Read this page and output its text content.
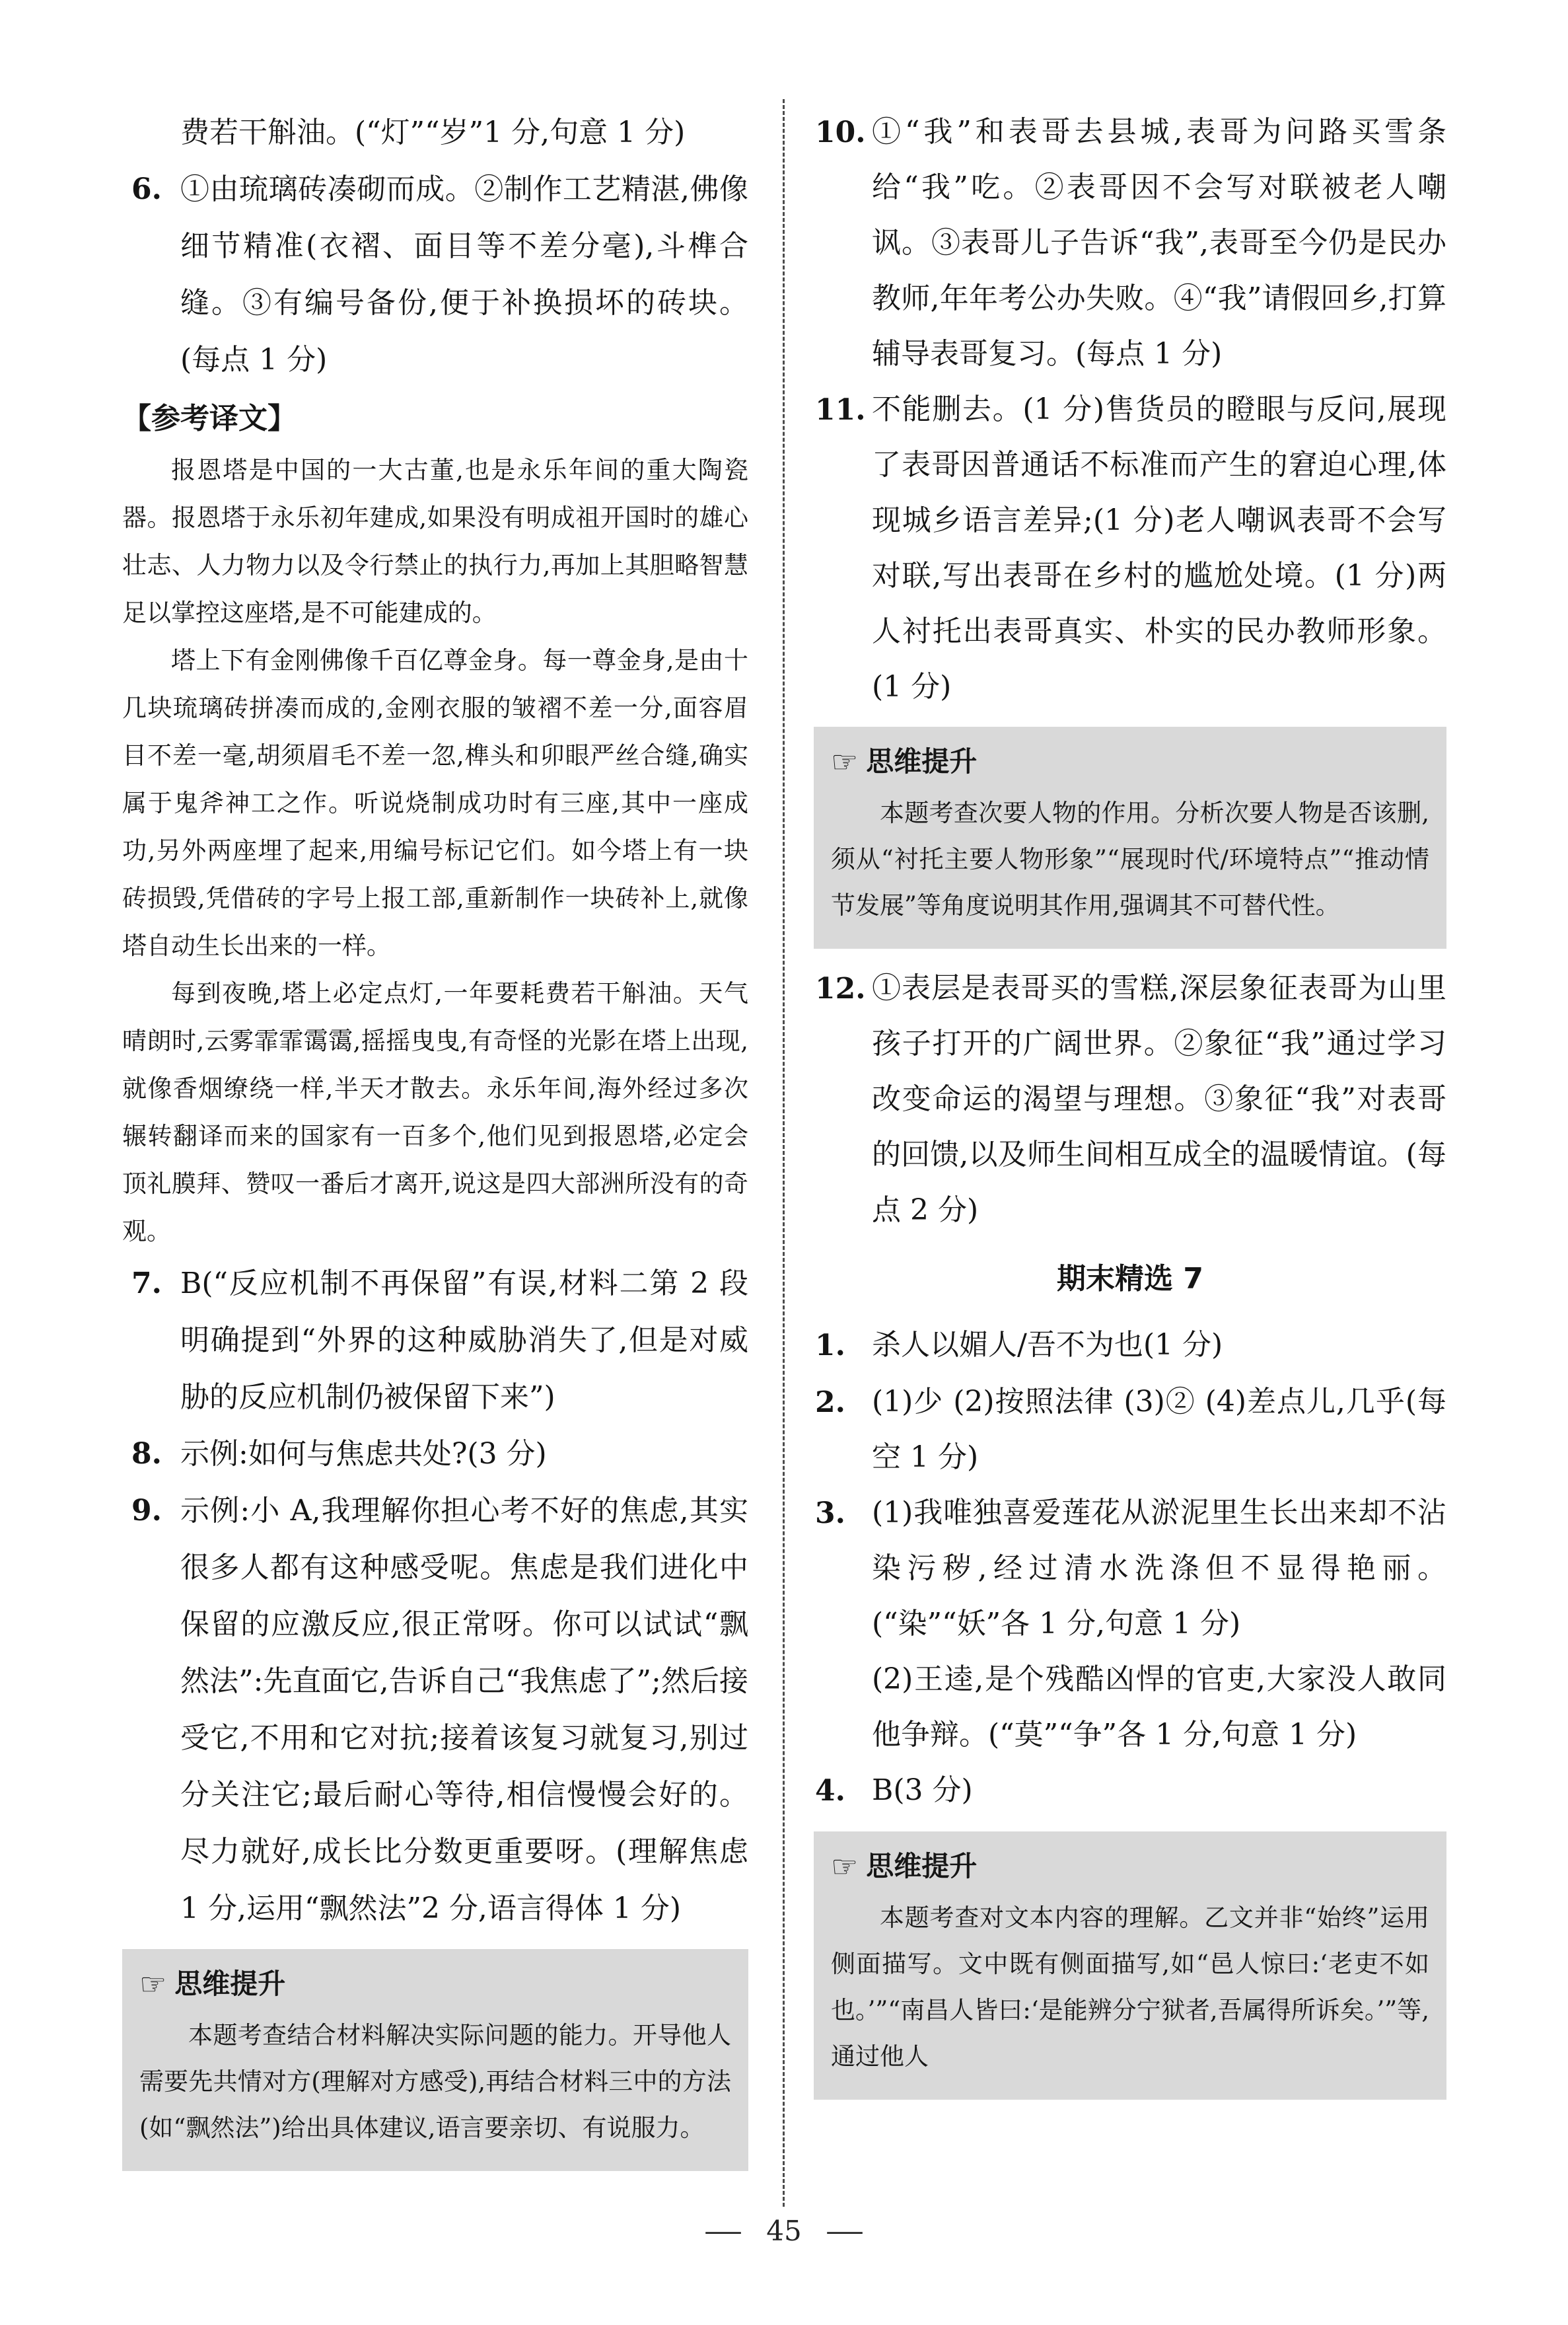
费若干斛油。(“灯”“岁”1 分,句意 1 分)
6. ①由琉璃砖凑砌而成。②制作工艺精湛,佛像细节精准(衣褶、面目等不差分毫),斗榫合缝。③有编号备份,便于补换损坏的砖块。(每点 1 分)
【参考译文】

报恩塔是中国的一大古董,也是永乐年间的重大陶瓷器。报恩塔于永乐初年建成,如果没有明成祖开国时的雄心壮志、人力物力以及令行禁止的执行力,再加上其胆略智慧足以掌控这座塔,是不可能建成的。

塔上下有金刚佛像千百亿尊金身。每一尊金身,是由十几块琉璃砖拼凑而成的,金刚衣服的皱褶不差一分,面容眉目不差一毫,胡须眉毛不差一忽,榫头和卯眼严丝合缝,确实属于鬼斧神工之作。听说烧制成功时有三座,其中一座成功,另外两座埋了起来,用编号标记它们。如今塔上有一块砖损毁,凭借砖的字号上报工部,重新制作一块砖补上,就像塔自动生长出来的一样。

每到夜晚,塔上必定点灯,一年要耗费若干斛油。天气晴朗时,云雾霏霏霭霭,摇摇曳曳,有奇怪的光影在塔上出现,就像香烟缭绕一样,半天才散去。永乐年间,海外经过多次辗转翻译而来的国家有一百多个,他们见到报恩塔,必定会顶礼膜拜、赞叹一番后才离开,说这是四大部洲所没有的奇观。

7. B(“反应机制不再保留”有误,材料二第 2 段明确提到“外界的这种威胁消失了,但是对威胁的反应机制仍被保留下来”)
8. 示例:如何与焦虑共处?(3 分)
9. 示例:小 A,我理解你担心考不好的焦虑,其实很多人都有这种感受呢。焦虑是我们进化中保留的应激反应,很正常呀。你可以试试“飘然法”:先直面它,告诉自己“我焦虑了”;然后接受它,不用和它对抗;接着该复习就复习,别过分关注它;最后耐心等待,相信慢慢会好的。尽力就好,成长比分数更重要呀。(理解焦虑 1 分,运用“飘然法”2 分,语言得体 1 分)
☞ 思维提升

本题考查结合材料解决实际问题的能力。开导他人需要先共情对方(理解对方感受),再结合材料三中的方法(如“飘然法”)给出具体建议,语言要亲切、有说服力。

10. ①“我”和表哥去县城,表哥为问路买雪条给“我”吃。②表哥因不会写对联被老人嘲讽。③表哥儿子告诉“我”,表哥至今仍是民办教师,年年考公办失败。④“我”请假回乡,打算辅导表哥复习。(每点 1 分)
11. 不能删去。(1 分)售货员的瞪眼与反问,展现了表哥因普通话不标准而产生的窘迫心理,体现城乡语言差异;(1 分)老人嘲讽表哥不会写对联,写出表哥在乡村的尴尬处境。(1 分)两人衬托出表哥真实、朴实的民办教师形象。(1 分)
☞ 思维提升

本题考查次要人物的作用。分析次要人物是否该删,须从“衬托主要人物形象”“展现时代/环境特点”“推动情节发展”等角度说明其作用,强调其不可替代性。

12. ①表层是表哥买的雪糕,深层象征表哥为山里孩子打开的广阔世界。②象征“我”通过学习改变命运的渴望与理想。③象征“我”对表哥的回馈,以及师生间相互成全的温暖情谊。(每点 2 分)
期末精选 7
1. 杀人以媚人/吾不为也(1 分)
2. (1)少 (2)按照法律 (3)② (4)差点儿,几乎(每空 1 分)
3. (1)我唯独喜爱莲花从淤泥里生长出来却不沾染污秽,经过清水洗涤但不显得艳丽。(“染”“妖”各 1 分,句意 1 分)

(2)王逵,是个残酷凶悍的官吏,大家没人敢同他争辩。(“莫”“争”各 1 分,句意 1 分)

4. B(3 分)
☞ 思维提升

本题考查对文本内容的理解。乙文并非“始终”运用侧面描写。文中既有侧面描写,如“邑人惊曰:‘老吏不如也。’”“南昌人皆曰:‘是能辨分宁狱者,吾属得所诉矣。’”等,通过他人

— 45 —
